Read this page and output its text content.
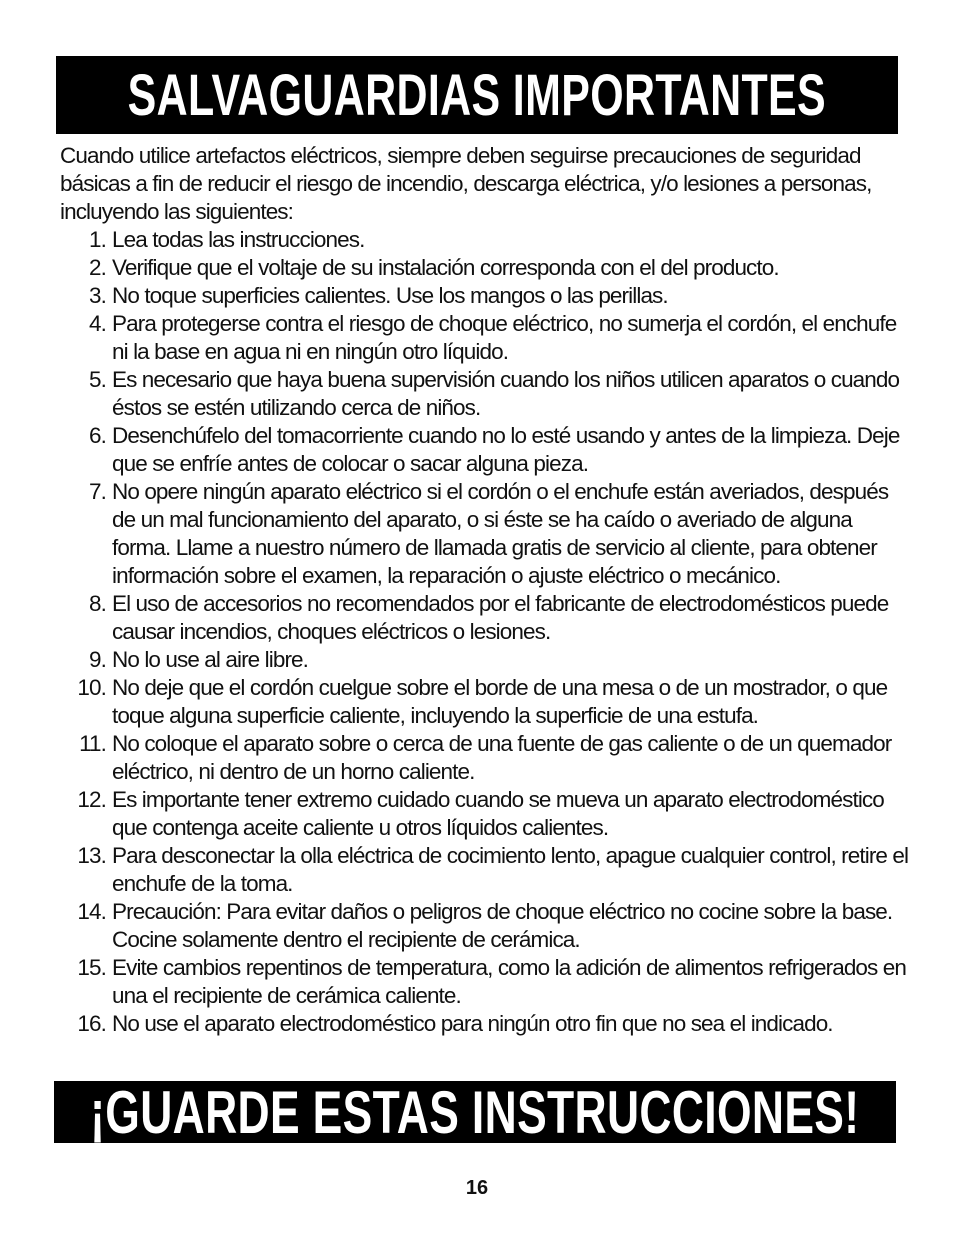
SALVAGUARDIAS IMPORTANTES

Cuando utilice artefactos eléctricos, siempre deben seguirse precauciones de seguridad básicas a fin de reducir el riesgo de incendio, descarga eléctrica, y/o lesiones a personas, incluyendo las siguientes:

1. Lea todas las instrucciones.
2. Verifique que el voltaje de su instalación corresponda con el del producto.
3. No toque superficies calientes. Use los mangos o las perillas.
4. Para protegerse contra el riesgo de choque eléctrico, no sumerja el cordón, el enchufe ni la base en agua ni en ningún otro líquido.
5. Es necesario que haya buena supervisión cuando los niños utilicen aparatos o cuando éstos se estén utilizando cerca de niños.
6. Desenchúfelo del tomacorriente cuando no lo esté usando y antes de la limpieza. Deje que se enfríe antes de colocar o sacar alguna pieza.
7. No opere ningún aparato eléctrico si el cordón o el enchufe están averiados, después de un mal funcionamiento del aparato, o si éste se ha caído o averiado de alguna forma. Llame a nuestro número de llamada gratis de servicio al cliente, para obtener información sobre el examen, la reparación o ajuste eléctrico o mecánico.
8. El uso de accesorios no recomendados por el fabricante de electrodomésticos puede causar incendios, choques eléctricos o lesiones.
9. No lo use al aire libre.
10. No deje que el cordón cuelgue sobre el borde de una mesa o de un mostrador, o que toque alguna superficie caliente, incluyendo la superficie de una estufa.
11. No coloque el aparato sobre o cerca de una fuente de gas caliente o de un quemador eléctrico, ni dentro de un horno caliente.
12. Es importante tener extremo cuidado cuando se mueva un aparato electrodoméstico que contenga aceite caliente u otros líquidos calientes.
13. Para desconectar la olla eléctrica de cocimiento lento, apague cualquier control, retire el enchufe de la toma.
14. Precaución: Para evitar daños o peligros de choque eléctrico no cocine sobre la base. Cocine solamente dentro el recipiente de cerámica.
15. Evite cambios repentinos de temperatura, como la adición de alimentos refrigerados en una el recipiente de cerámica caliente.
16. No use el aparato electrodoméstico para ningún otro fin que no sea el indicado.
¡GUARDE ESTAS INSTRUCCIONES!
16
